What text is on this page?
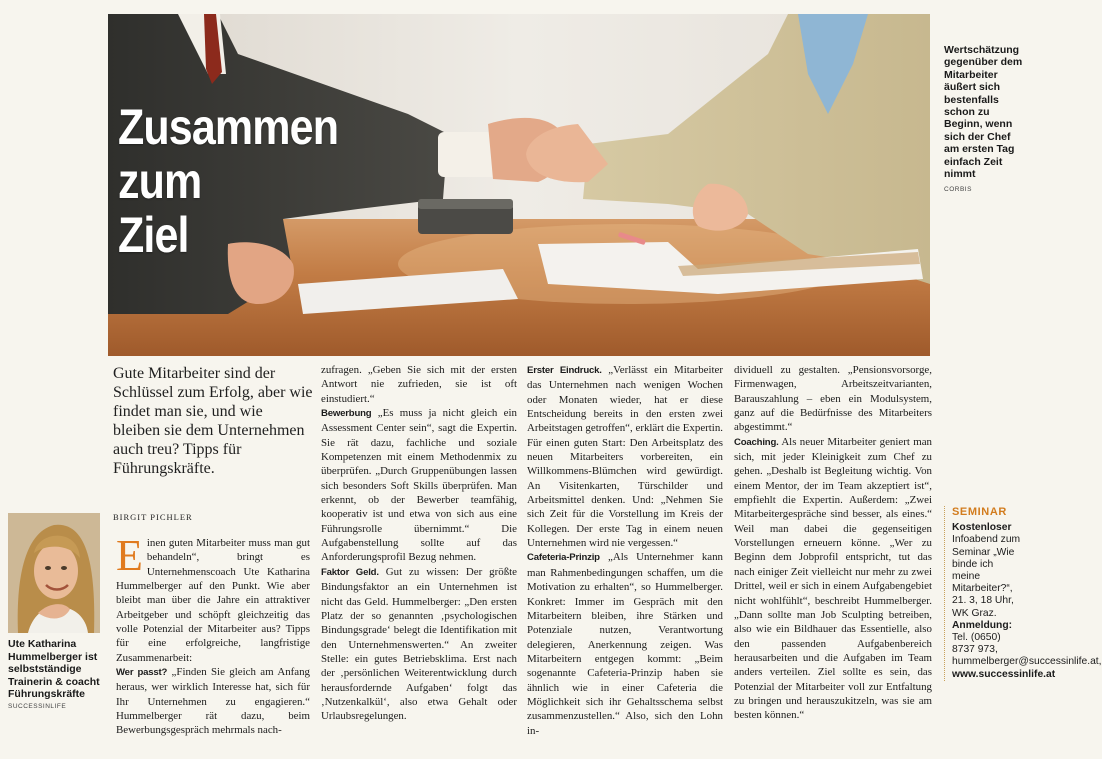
Zusammen
zum
Ziel
Wertschätzung gegenüber dem Mitarbeiter äußert sich bestenfalls schon zu Beginn, wenn sich der Chef am ersten Tag einfach Zeit nimmt
CORBIS
Gute Mitarbeiter sind der Schlüssel zum Erfolg, aber wie findet man sie, und wie bleiben sie dem Unternehmen auch treu? Tipps für Führungskräfte.
BIRGIT PICHLER
Ute Katharina Hummelberger ist selbstständige Trainerin & coacht Führungskräfte
SUCCESSINLIFE

Einen guten Mitarbeiter muss man gut behandeln“, bringt es Unternehmenscoach Ute Katharina Hummelberger auf den Punkt. Wie aber bleibt man über die Jahre ein attraktiver Arbeitgeber und schöpft gleichzeitig das volle Potenzial der Mitarbeiter aus? Tipps für eine erfolgreiche, langfristige Zusammenarbeit:

Wer passt? „Finden Sie gleich am Anfang heraus, wer wirklich Interesse hat, sich für Ihr Unternehmen zu engagieren.“ Hummelberger rät dazu, beim Bewerbungsgespräch mehrmals nach-

zufragen. „Geben Sie sich mit der ersten Antwort nie zufrieden, sie ist oft einstudiert.“

Bewerbung „Es muss ja nicht gleich ein Assessment Center sein“, sagt die Expertin. Sie rät dazu, fachliche und soziale Kompetenzen mit einem Methodenmix zu überprüfen. „Durch Gruppenübungen lassen sich besonders Soft Skills überprüfen. Man erkennt, ob der Bewerber teamfähig, kooperativ ist und etwa von sich aus eine Führungsrolle übernimmt.“ Die Aufgabenstellung sollte auf das Anforderungsprofil Bezug nehmen.

Faktor Geld. Gut zu wissen: Der größte Bindungsfaktor an ein Unternehmen ist nicht das Geld. Hummelberger: „Den ersten Platz der so genannten ‚psychologischen Bindungsgrade‘ belegt die Identifikation mit den Unternehmenswerten.“ An zweiter Stelle: ein gutes Betriebsklima. Erst nach der ‚persönlichen Weiterentwicklung durch herausfordernde Aufgaben‘ folgt das ‚Nutzenkalkül‘, also etwa Gehalt oder Urlaubsregelungen.

Erster Eindruck. „Verlässt ein Mitarbeiter das Unternehmen nach wenigen Wochen oder Monaten wieder, hat er diese Entscheidung bereits in den ersten zwei Arbeitstagen getroffen“, erklärt die Expertin. Für einen guten Start: Den Arbeitsplatz des neuen Mitarbeiters vorbereiten, ein Willkommens-Blümchen wird gewürdigt. An Visitenkarten, Türschilder und Arbeitsmittel denken. Und: „Nehmen Sie sich Zeit für die Vorstellung im Kreis der Kollegen. Der erste Tag in einem neuen Unternehmen wird nie vergessen.“

Cafeteria-Prinzip „Als Unternehmer kann man Rahmenbedingungen schaffen, um die Motivation zu erhalten“, so Hummelberger. Konkret: Immer im Gespräch mit den Mitarbeitern bleiben, ihre Stärken und Potenziale nutzen, Verantwortung delegieren, Anerkennung zeigen. Was Mitarbeitern entgegen kommt: „Beim sogenannte Cafeteria-Prinzip haben sie ähnlich wie in einer Cafeteria die Möglichkeit sich ihr Gehaltsschema selbst zusammenzustellen.“ Also, sich den Lohn in-

dividuell zu gestalten. „Pensionsvorsorge, Firmenwagen, Arbeitszeitvarianten, Barauszahlung – eben ein Modulsystem, ganz auf die Bedürfnisse des Mitarbeiters abgestimmt.“

Coaching. Als neuer Mitarbeiter geniert man sich, mit jeder Kleinigkeit zum Chef zu gehen. „Deshalb ist Begleitung wichtig. Von einem Mentor, der im Team akzeptiert ist“, empfiehlt die Expertin. Außerdem: „Zwei Mitarbeitergespräche sind besser, als eines.“ Weil man dabei die gegenseitigen Vorstellungen erneuern könne. „Wer zu Beginn dem Jobprofil entspricht, tut das nach einiger Zeit vielleicht nur mehr zu zwei Drittel, weil er sich in einem Aufgabengebiet nicht wohlfühlt“, beschreibt Hummelberger. „Dann sollte man Job Sculpting betreiben, also wie ein Bildhauer das Essentielle, also den passenden Aufgabenbereich herausarbeiten und die Aufgaben im Team anders verteilen. Ziel sollte es sein, das Potenzial der Mitarbeiter voll zur Entfaltung zu bringen und herauszukitzeln, was sie am besten können.“

SEMINAR
Kostenloser Infoabend zum Seminar „Wie binde ich meine Mitarbeiter?“, 21. 3, 18 Uhr, WK Graz. Anmeldung: Tel. (0650) 8737 973, hummelberger@successinlife.at, www.successinlife.at
